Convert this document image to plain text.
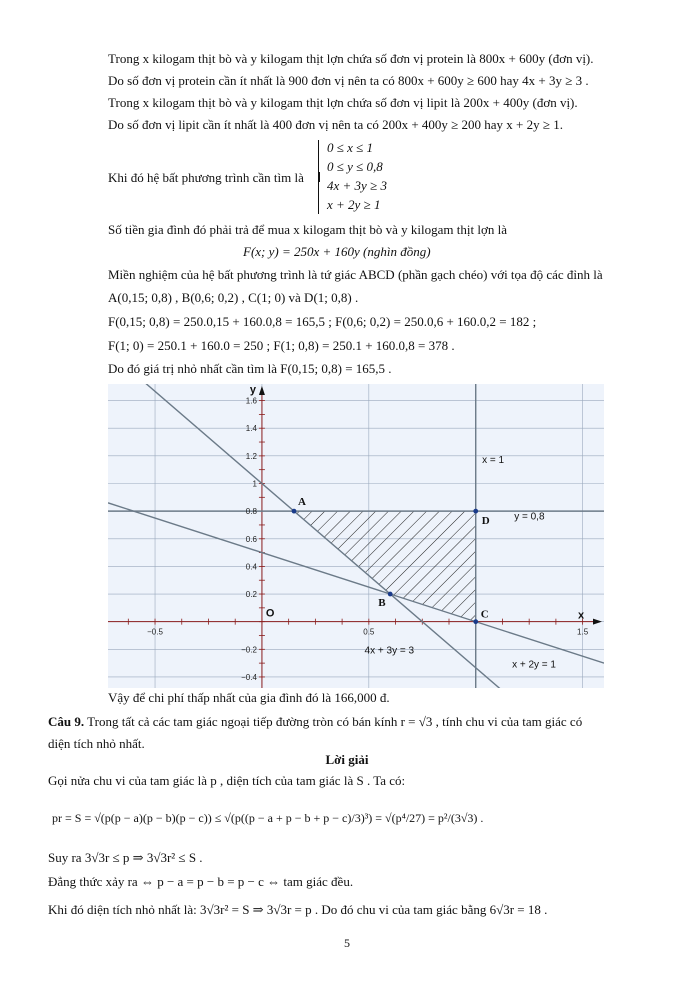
Trong x kilogam thịt bò và y kilogam thịt lợn chứa số đơn vị protein là 800x + 600y (đơn vị).
Do số đơn vị protein cần ít nhất là 900 đơn vị nên ta có 800x + 600y ≥ 600 hay 4x + 3y ≥ 3 .
Trong x kilogam thịt bò và y kilogam thịt lợn chứa số đơn vị lipit là 200x + 400y (đơn vị).
Do số đơn vị lipit cần ít nhất là 400 đơn vị nên ta có 200x + 400y ≥ 200 hay x + 2y ≥ 1.
Khi đó hệ bất phương trình cần tìm là
0 ≤ x ≤ 1
0 ≤ y ≤ 0,8
4x + 3y ≥ 3
x + 2y ≥ 1
Số tiền gia đình đó phải trả để mua x kilogam thịt bò và y kilogam thịt lợn là
F(x; y) = 250x + 160y (nghìn đồng)
Miền nghiệm của hệ bất phương trình là tứ giác ABCD (phần gạch chéo) với tọa độ các đỉnh là
A(0,15; 0,8) , B(0,6; 0,2) , C(1; 0) và D(1; 0,8) .
F(0,15; 0,8) = 250.0,15 + 160.0,8 = 165,5 ; F(0,6; 0,2) = 250.0,6 + 160.0,2 = 182 ;
F(1; 0) = 250.1 + 160.0 = 250 ; F(1; 0,8) = 250.1 + 160.0,8 = 378 .
Do đó giá trị nhỏ nhất cần tìm là F(0,15; 0,8) = 165,5 .
−0.5	0.5	1.5
1.6
1.4
1.2
1
0.8
0.6
0.4
0.2
−0.2
−0.4
x
y
O
A
B
C
D
x = 1
y = 0,8
4x + 3y = 3
x + 2y = 1
Vậy để chi phí thấp nhất của gia đình đó là 166,000 đ.
Câu 9. Trong tất cả các tam giác ngoại tiếp đường tròn có bán kính r = √3 , tính chu vi của tam giác có
diện tích nhỏ nhất.
Lời giải
Gọi nửa chu vi của tam giác là p , diện tích của tam giác là S . Ta có:
pr = S = √(p(p − a)(p − b)(p − c)) ≤ √(p((p − a + p − b + p − c)/3)³) = √(p⁴/27) = p²/(3√3) .
Suy ra 3√3r ≤ p ⇒ 3√3r² ≤ S .
Đẳng thức xảy ra ⇔ p − a = p − b = p − c ⇔ tam giác đều.
Khi đó diện tích nhỏ nhất là: 3√3r² = S ⇒ 3√3r = p . Do đó chu vi của tam giác bằng 6√3r = 18 .
5
